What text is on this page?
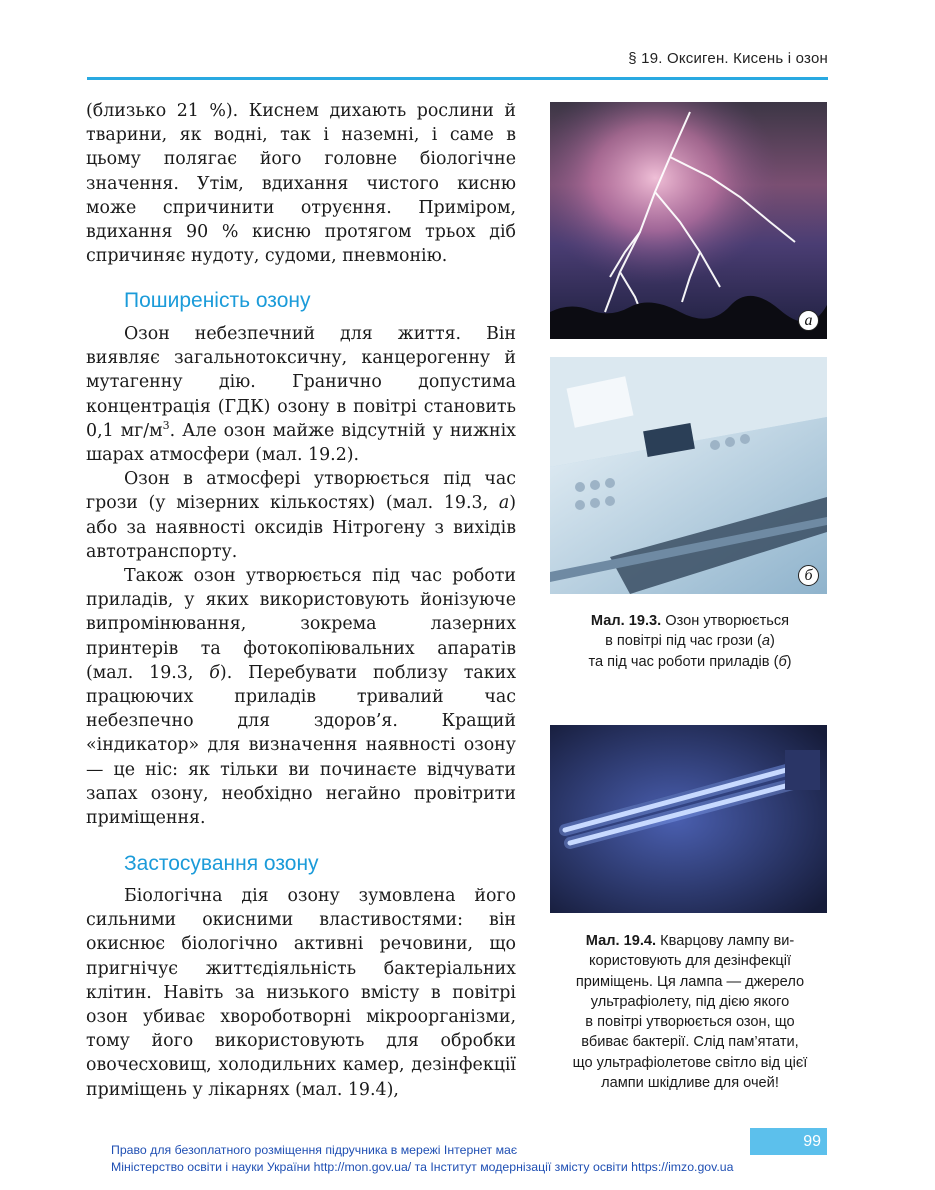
§ 19. Оксиген. Кисень і озон

(близько 21 %). Киснем дихають рослини й тварини, як водні, так і наземні, і саме в цьому полягає його головне біологічне значення. Утім, вдихання чистого кисню може спричинити отруєння. Приміром, вдихання 90 % кисню протягом трьох діб спричиняє нудоту, судоми, пневмонію.

Поширеність озону

Озон небезпечний для життя. Він виявляє загальнотоксичну, канцерогенну й мутагенну дію. Гранично допустима концентрація (ГДК) озону в повітрі становить 0,1 $мг/м^3$. Але озон майже відсутній у нижніх шарах атмосфери (мал. 19.2).

Озон в атмосфері утворюється під час грози (у мізерних кількостях) (мал. 19.3, а) або за наявності оксидів Нітрогену з вихідів автотранспорту.

Також озон утворюється під час роботи приладів, у яких використовують йонізуюче випромінювання, зокрема лазерних принтерів та фотокопіювальних апаратів (мал. 19.3, б). Перебувати поблизу таких працюючих приладів тривалий час небезпечно для здоров’я. Кращий «індикатор» для визначення наявності озону — це ніс: як тільки ви починаєте відчувати запах озону, необхідно негайно провітрити приміщення.

Застосування озону

Біологічна дія озону зумовлена його сильними окисними властивостями: він окиснює біологічно активні речовини, що пригнічує життєдіяльність бактеріальних клітин. Навіть за низького вмісту в повітрі озон убиває хвороботворні мікроорганізми, тому його використовують для обробки овочесховищ, холодильних камер, дезінфекції приміщень у лікарнях (мал. 19.4),

а
б
Мал. 19.3. Озон утворюється
в повітрі під час грози (а)
та під час роботи приладів (б)
Мал. 19.4. Кварцову лампу ви-
користовують для дезінфекції
приміщень. Ця лампа — джерело
ультрафіолету, під дією якого
в повітрі утворюється озон, що
вбиває бактерії. Слід пам’ятати,
що ультрафіолетове світло від цієї
лампи шкідливе для очей!
99
Право для безоплатного розміщення підручника в мережі Інтернет має
Міністерство освіти і науки України http://mon.gov.ua/ та Інститут модернізації змісту освіти https://imzo.gov.ua
